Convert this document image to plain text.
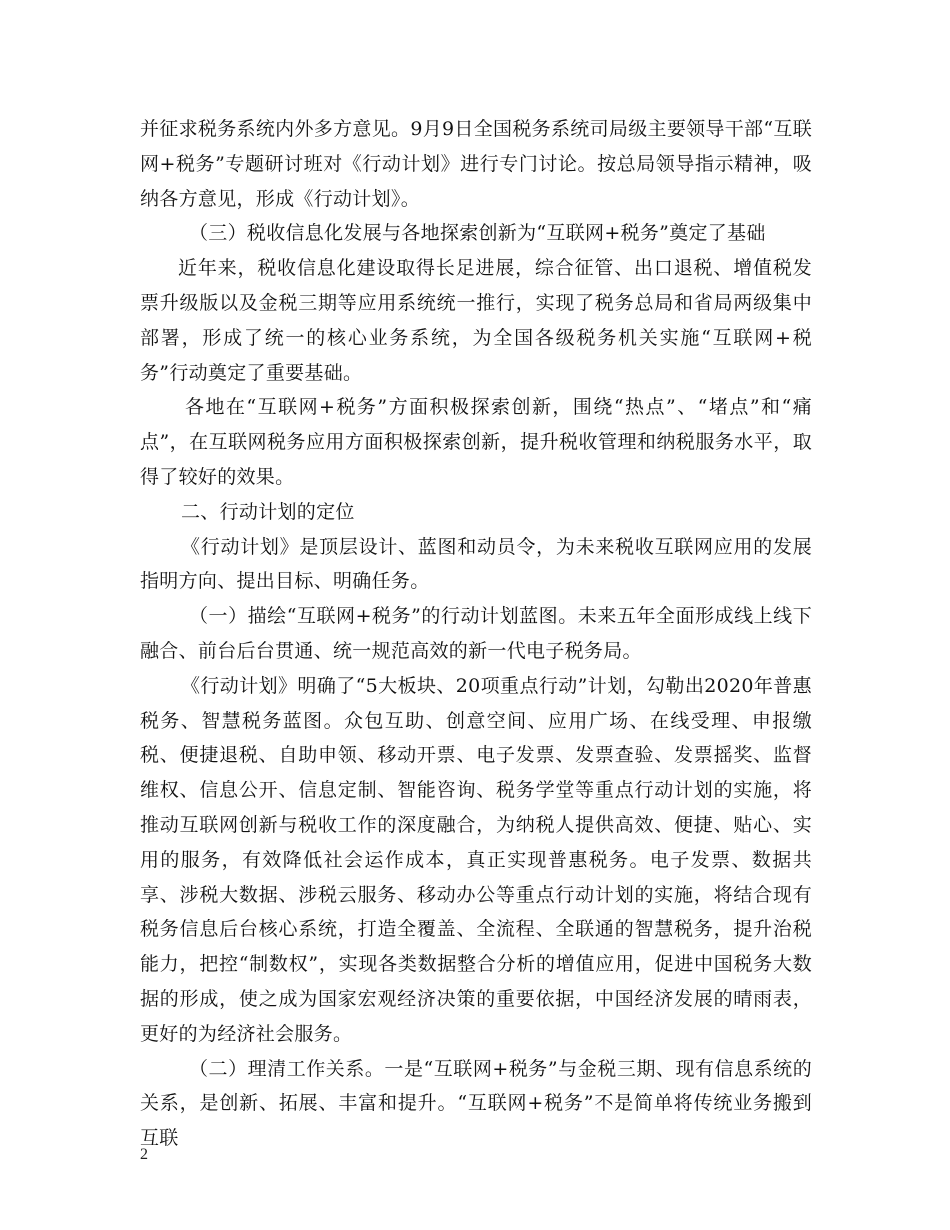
并征求税务系统内外多方意见。9月9日全国税务系统司局级主要领导干部“互联网+税务”专题研讨班对《行动计划》进行专门讨论。按总局领导指示精神，吸纳各方意见，形成《行动计划》。

（三）税收信息化发展与各地探索创新为“互联网+税务”奠定了基础

近年来，税收信息化建设取得长足进展，综合征管、出口退税、增值税发票升级版以及金税三期等应用系统统一推行，实现了税务总局和省局两级集中部署，形成了统一的核心业务系统，为全国各级税务机关实施“互联网+税务”行动奠定了重要基础。

各地在“互联网+税务”方面积极探索创新，围绕“热点”、“堵点”和“痛点”，在互联网税务应用方面积极探索创新，提升税收管理和纳税服务水平，取得了较好的效果。

二、行动计划的定位

《行动计划》是顶层设计、蓝图和动员令，为未来税收互联网应用的发展指明方向、提出目标、明确任务。

（一）描绘“互联网+税务”的行动计划蓝图。未来五年全面形成线上线下融合、前台后台贯通、统一规范高效的新一代电子税务局。

《行动计划》明确了“5大板块、20项重点行动”计划，勾勒出2020年普惠税务、智慧税务蓝图。众包互助、创意空间、应用广场、在线受理、申报缴税、便捷退税、自助申领、移动开票、电子发票、发票查验、发票摇奖、监督维权、信息公开、信息定制、智能咨询、税务学堂等重点行动计划的实施，将推动互联网创新与税收工作的深度融合，为纳税人提供高效、便捷、贴心、实用的服务，有效降低社会运作成本，真正实现普惠税务。电子发票、数据共享、涉税大数据、涉税云服务、移动办公等重点行动计划的实施，将结合现有税务信息后台核心系统，打造全覆盖、全流程、全联通的智慧税务，提升治税能力，把控“制数权”，实现各类数据整合分析的增值应用，促进中国税务大数据的形成，使之成为国家宏观经济决策的重要依据，中国经济发展的晴雨表，更好的为经济社会服务。

（二）理清工作关系。一是“互联网+税务”与金税三期、现有信息系统的关系，是创新、拓展、丰富和提升。“互联网+税务”不是简单将传统业务搬到互联

2
